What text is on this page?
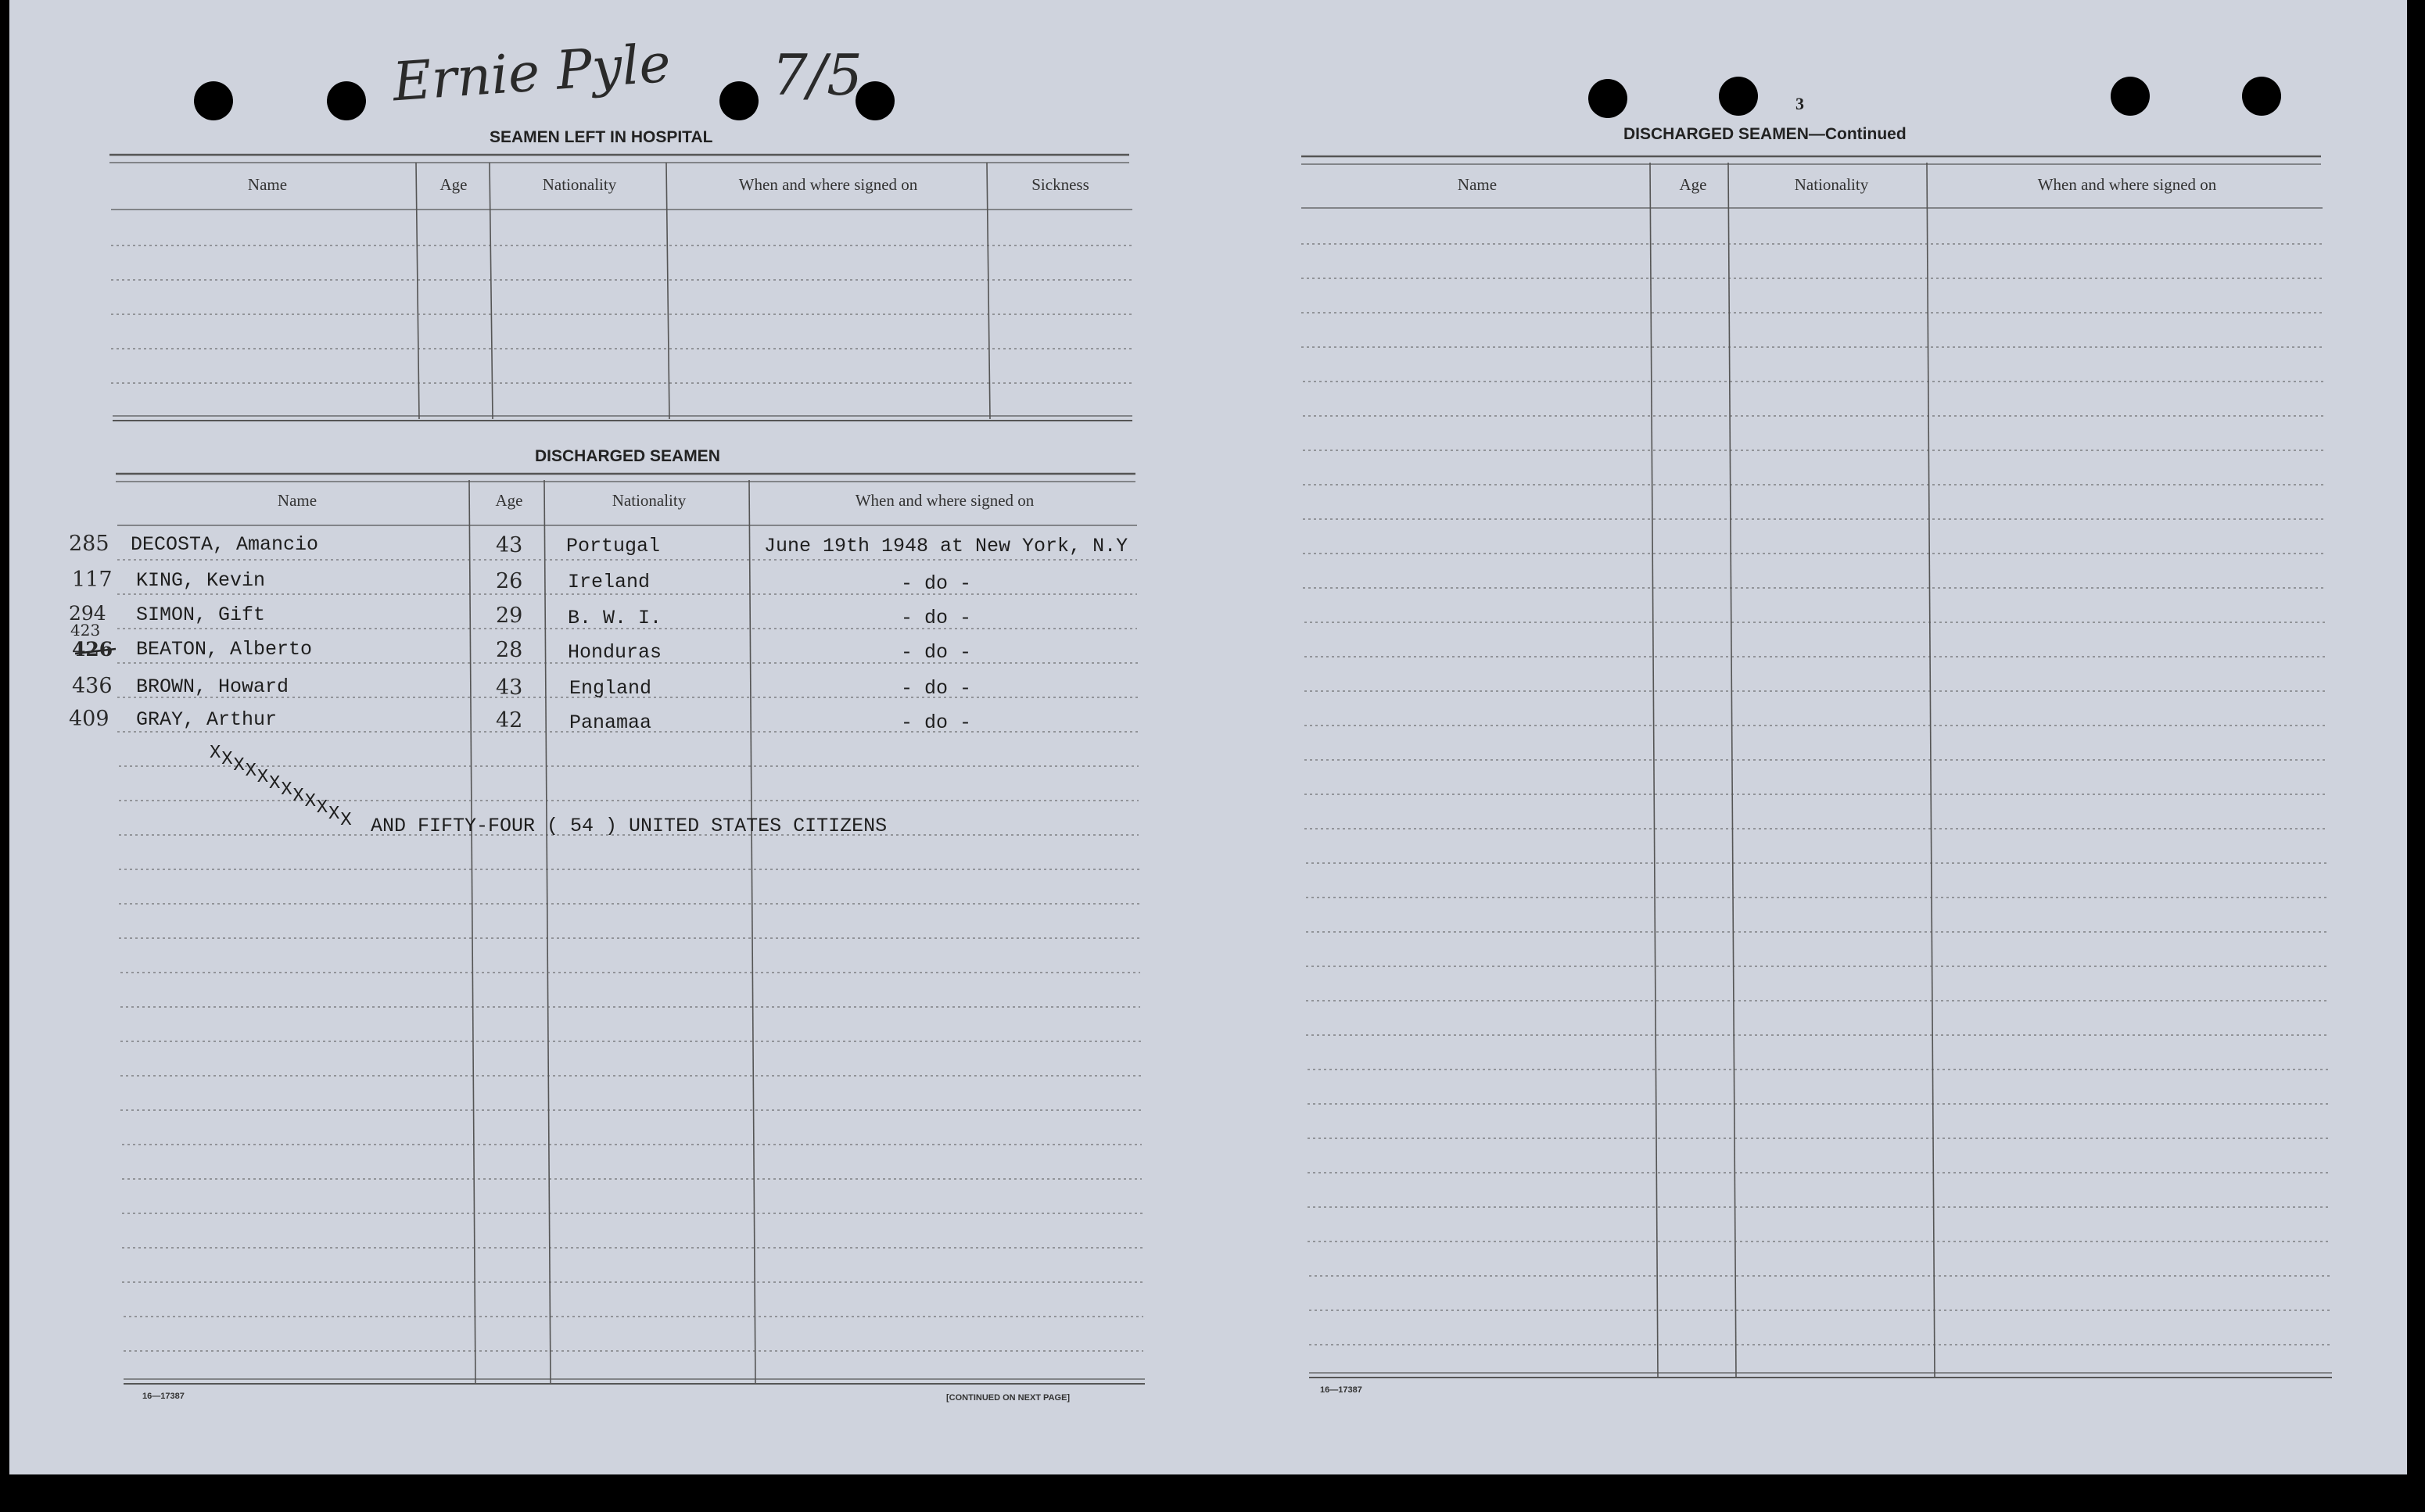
Ernie Pyle 7/5	3
SEAMEN LEFT IN HOSPITAL
Name	Age	Nationality	When and where signed on	Sickness
DISCHARGED SEAMEN
Name	Age	Nationality	When and where signed on
285 DECOSTA, Amancio	43 Portugal	June 19th 1948 at New York, N.Y
117 KING, Kevin	26 Ireland	- do -
294 SIMON, Gift	29 B. W. I.	- do -
423
426 BEATON, Alberto	28 Honduras	- do -
436 BROWN, Howard	43 England	- do -
409 GRAY, Arthur	42 Panamaa	- do -
X X X X X X X X X X X X AND FIFTY-FOUR ( 54 ) UNITED STATES CITIZENS
DISCHARGED SEAMEN—Continued
Name	Age	Nationality	When and where signed on
16—17387	[CONTINUED ON NEXT PAGE]
16—17387
